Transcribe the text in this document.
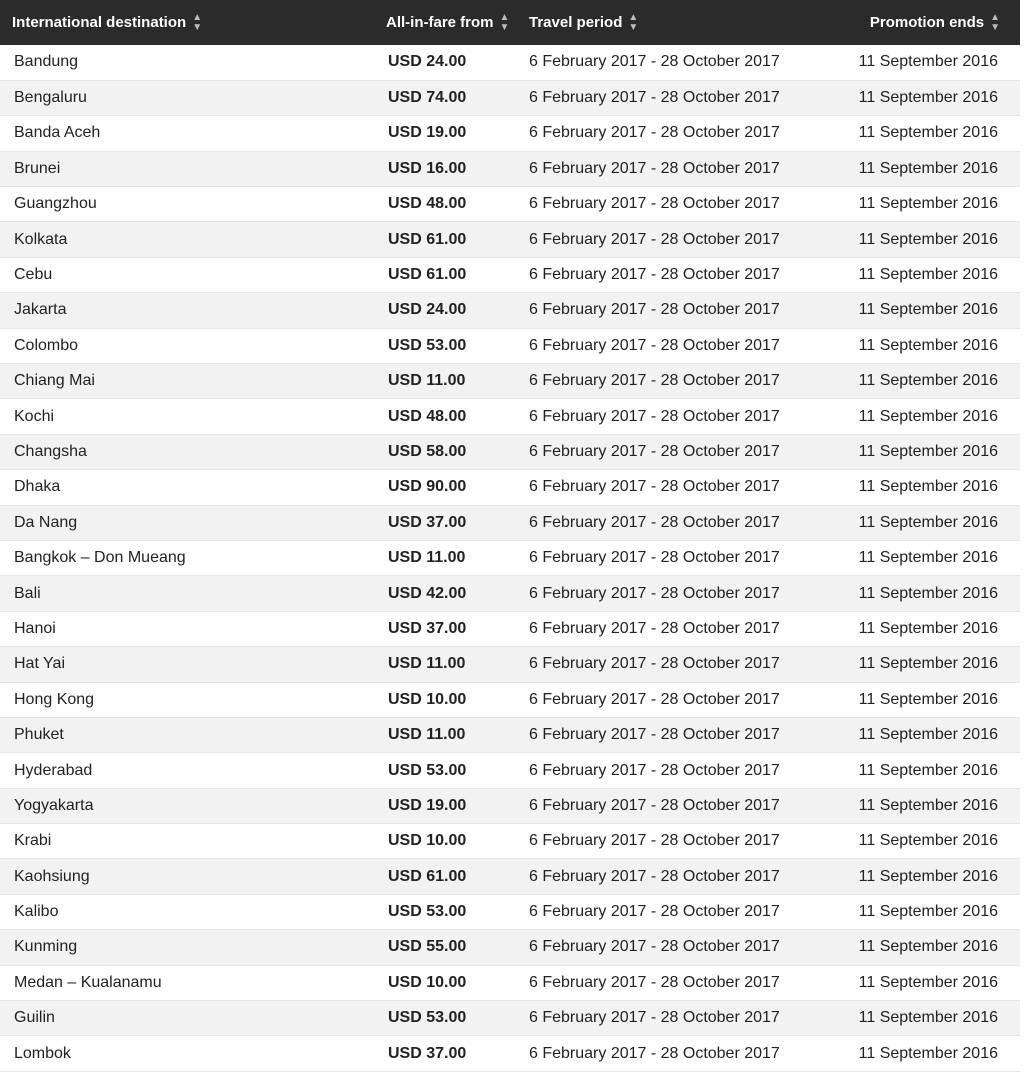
International destination ▲
▼	All-in-fare from ▲
▼	Travel period ▲
▼	Promotion ends ▲
▼
Bandung	USD 24.00	6 February 2017 - 28 October 2017	11 September 2016
Bengaluru	USD 74.00	6 February 2017 - 28 October 2017	11 September 2016
Banda Aceh	USD 19.00	6 February 2017 - 28 October 2017	11 September 2016
Brunei	USD 16.00	6 February 2017 - 28 October 2017	11 September 2016
Guangzhou	USD 48.00	6 February 2017 - 28 October 2017	11 September 2016
Kolkata	USD 61.00	6 February 2017 - 28 October 2017	11 September 2016
Cebu	USD 61.00	6 February 2017 - 28 October 2017	11 September 2016
Jakarta	USD 24.00	6 February 2017 - 28 October 2017	11 September 2016
Colombo	USD 53.00	6 February 2017 - 28 October 2017	11 September 2016
Chiang Mai	USD 11.00	6 February 2017 - 28 October 2017	11 September 2016
Kochi	USD 48.00	6 February 2017 - 28 October 2017	11 September 2016
Changsha	USD 58.00	6 February 2017 - 28 October 2017	11 September 2016
Dhaka	USD 90.00	6 February 2017 - 28 October 2017	11 September 2016
Da Nang	USD 37.00	6 February 2017 - 28 October 2017	11 September 2016
Bangkok – Don Mueang	USD 11.00	6 February 2017 - 28 October 2017	11 September 2016
Bali	USD 42.00	6 February 2017 - 28 October 2017	11 September 2016
Hanoi	USD 37.00	6 February 2017 - 28 October 2017	11 September 2016
Hat Yai	USD 11.00	6 February 2017 - 28 October 2017	11 September 2016
Hong Kong	USD 10.00	6 February 2017 - 28 October 2017	11 September 2016
Phuket	USD 11.00	6 February 2017 - 28 October 2017	11 September 2016
Hyderabad	USD 53.00	6 February 2017 - 28 October 2017	11 September 2016
Yogyakarta	USD 19.00	6 February 2017 - 28 October 2017	11 September 2016
Krabi	USD 10.00	6 February 2017 - 28 October 2017	11 September 2016
Kaohsiung	USD 61.00	6 February 2017 - 28 October 2017	11 September 2016
Kalibo	USD 53.00	6 February 2017 - 28 October 2017	11 September 2016
Kunming	USD 55.00	6 February 2017 - 28 October 2017	11 September 2016
Medan – Kualanamu	USD 10.00	6 February 2017 - 28 October 2017	11 September 2016
Guilin	USD 53.00	6 February 2017 - 28 October 2017	11 September 2016
Lombok	USD 37.00	6 February 2017 - 28 October 2017	11 September 2016
